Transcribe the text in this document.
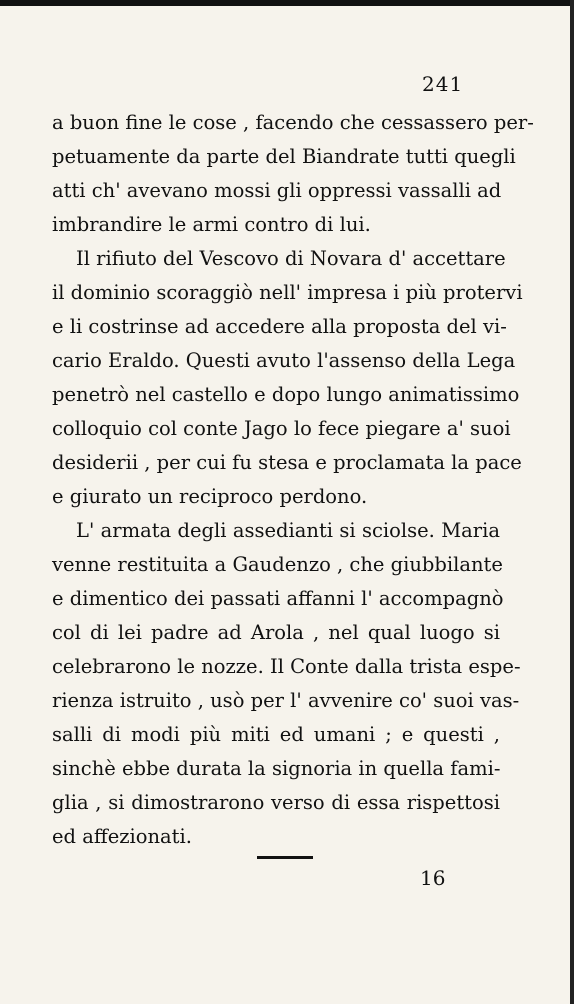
241
a buon fine le cose , facendo che cessassero per-
petuamente da parte del Biandrate tutti quegli
atti ch' avevano mossi gli oppressi vassalli ad
imbrandire le armi contro di lui.
Il rifiuto del Vescovo di Novara d' accettare
il dominio scoraggiò nell' impresa i più protervi
e li costrinse ad accedere alla proposta del vi-
cario Eraldo. Questi avuto l'assenso della Lega
penetrò nel castello e dopo lungo animatissimo
colloquio col conte Jago lo fece piegare a' suoi
desiderii , per cui fu stesa e proclamata la pace
e giurato un reciproco perdono.
L' armata degli assedianti si sciolse. Maria
venne restituita a Gaudenzo , che giubbilante
e dimentico dei passati affanni l' accompagnò
col di lei padre ad Arola , nel qual luogo si
celebrarono le nozze. Il Conte dalla trista espe-
rienza istruito , usò per l' avvenire co' suoi vas-
salli di modi più miti ed umani ; e questi ,
sinchè ebbe durata la signoria in quella fami-
glia , si dimostrarono verso di essa rispettosi
ed affezionati.
16
